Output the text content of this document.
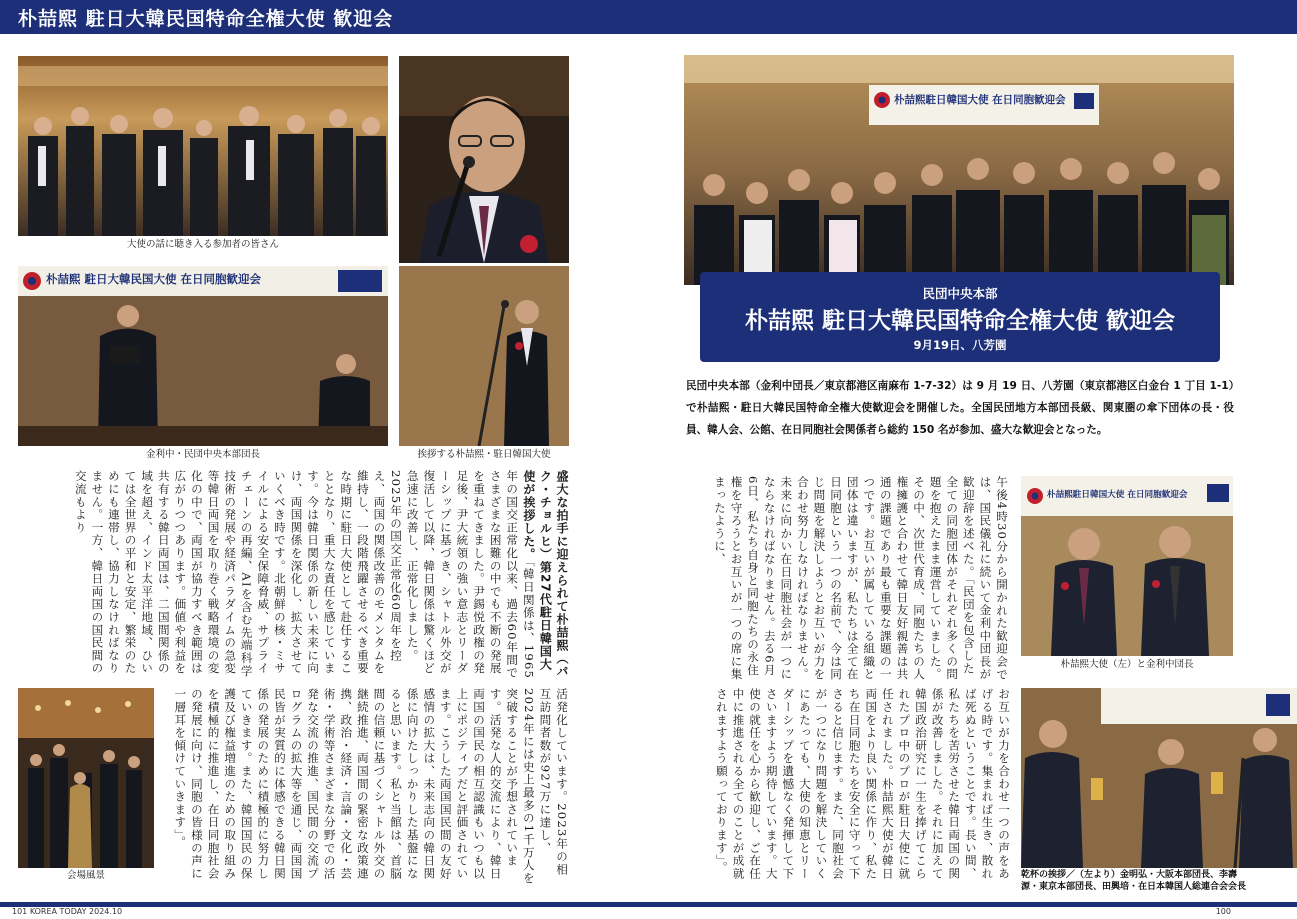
朴喆熙 駐日大韓民国特命全権大使 歓迎会
大使の話に聴き入る参加者の皆さん
朴喆熙 駐日大韓民国大使 在日同胞歓迎会
金利中・民団中央本部団長	挨拶する朴喆熙・駐日韓国大使
盛大な拍手に迎えられて朴喆熙（パク・チョルヒ）第27代駐日韓国大使が挨拶した。「韓日関係は、1965年の国交正常化以来、過去60年間でさまざまな困難の中でも不断の発展を重ねてきました。尹錫悦政権の発足後、尹大統領の強い意志とリーダーシップに基づき、シャトル外交が復活して以降、韓日関係は驚くほど急速に改善し、正常化しました。2025年の国交正常化60周年を控え、両国の関係改善のモメンタムを維持し、一段階飛躍させるべき重要な時期に駐日大使として赴任することとなり、重大な責任を感じています。今は韓日関係の新しい未来に向け、両国関係を深化し、拡大させていくべき時です。北朝鮮の核・ミサイルによる安全保障脅威、サプライチェーンの再編、AIを含む先端科学技術の発展や経済パラダイムの急変等韓日両国を取り巻く戦略環境の変化の中で、両国が協力すべき範囲は広がりつつあります。価値や利益を共有する韓日両国は、二国間関係の域を超え、インド太平洋地域、ひいては全世界の平和と安定、繁栄のためにも連帯し、協力しなければなりません。一方、韓日両国の国民間の交流もより
会場風景	活発化しています。2023年の相互訪問者数が927万に達し、2024年には史上最多の1千万人を突破することが予想されています。活発な人的交流により、韓日両国の国民の相互認識もいつも以上にポジティブだと評価されています。こうした両国国民間の友好感情の拡大は、未来志向の韓日関係に向けたしっかりした基盤になると思います。私と当館は、首脳間の信頼に基づくシャトル外交の継続推進、両国間の緊密な政策連携、政治・経済・言論・文化・芸術・学術等さまざまな分野での活発な交流の推進、国民間の交流プログラムの拡大等を通じ、両国国民皆が実質的に体感できる韓日関係の発展のために積極的に努力していきます。また、韓国国民の保護及び権益増進のための取り組みを積極的に推進し、在日同胞社会の発展に向け、同胞の皆様の声に一層耳を傾けていきます」。
朴喆熙駐日韓国大使 在日同胞歓迎会
民団中央本部
朴喆熙 駐日大韓民国特命全権大使 歓迎会
9月19日、八芳園
民団中央本部（金利中団長／東京都港区南麻布 1-7-32）は 9 月 19 日、八芳園（東京都港区白金台 1 丁目 1-1）で朴喆熙・駐日大韓民国特命全権大使歓迎会を開催した。全国民団地方本部団長級、関東圏の傘下団体の長・役員、韓人会、公館、在日同胞社会関係者ら総約 150 名が参加、盛大な歓迎会となった。
午後4時30分から開かれた歓迎会では、国民儀礼に続いて金利中団長が歓迎辞を述べた。「民団を包含した全ての同胞団体がそれぞれ多くの問題を抱えたまま運営していました。その中、次世代育成、同胞たちの人権擁護と合わせて韓日友好親善は共通の課題であり最も重要な課題の一つです。お互いが属している組織と団体は違いますが、私たちは全て在日同胞という一つの名前で、今は同じ問題を解決しようとお互いが力を合わせ努力しなければなりません。未来に向かい在日同胞社会が一つにならなければなりません。去る6月6日、私たち自身と同胞たちの永住権を守ろうとお互いが一つの席に集まったように、	朴喆熙駐日韓国大使 在日同胞歓迎会
朴喆熙大使（左）と金利中団長
お互いが力を合わせ一つの声をあげる時です。集まれば生き、散れば死ぬということです。長い間、私たちを苦労させた韓日両国の関係が改善しました。それに加えて韓国政治研究に一生を捧げてこられたプロ中のプロが駐日大使に就任されました。朴喆熙大使が韓日両国をより良い関係に作り、私たち在日同胞たちを安全に守って下さると信じます。また、同胞社会が一つになり問題を解決していくにあたっても、大使の知恵とリーダーシップを遺憾なく発揮して下さいますよう期待しています。大使の就任を心から歓迎し、ご在任中に推進される全てのことが成就されますよう願っております」。
乾杯の挨拶／（左より）金明弘・大阪本部団長、李壽
源・東京本部団長、田興培・在日本韓国人総連合会会長
101 KOREA TODAY 2024.10	100
